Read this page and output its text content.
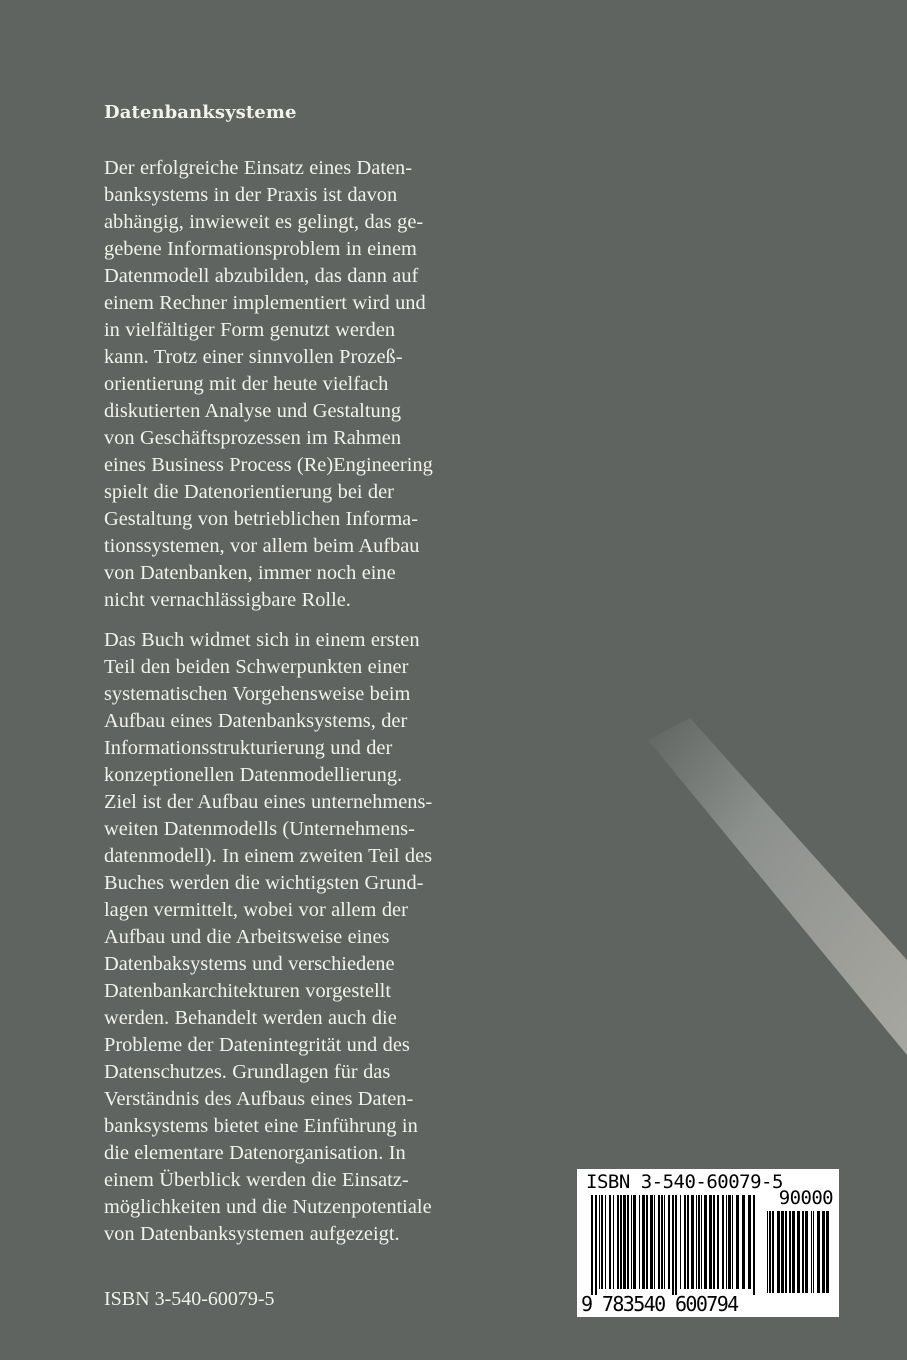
Datenbanksysteme

Der erfolgreiche Einsatz eines Daten-
banksystems in der Praxis ist davon
abhängig, inwieweit es gelingt, das ge-
gebene Informationsproblem in einem
Datenmodell abzubilden, das dann auf
einem Rechner implementiert wird und
in vielfältiger Form genutzt werden
kann. Trotz einer sinnvollen Prozeß-
orientierung mit der heute vielfach
diskutierten Analyse und Gestaltung
von Geschäftsprozessen im Rahmen
eines Business Process (Re)Engineering
spielt die Datenorientierung bei der
Gestaltung von betrieblichen Informa-
tionssystemen, vor allem beim Aufbau
von Datenbanken, immer noch eine
nicht vernachlässigbare Rolle.

Das Buch widmet sich in einem ersten
Teil den beiden Schwerpunkten einer
systematischen Vorgehensweise beim
Aufbau eines Datenbanksystems, der
Informationsstrukturierung und der
konzeptionellen Datenmodellierung.
Ziel ist der Aufbau eines unternehmens-
weiten Datenmodells (Unternehmens-
datenmodell). In einem zweiten Teil des
Buches werden die wichtigsten Grund-
lagen vermittelt, wobei vor allem der
Aufbau und die Arbeitsweise eines
Datenbaksystems und verschiedene
Datenbankarchitekturen vorgestellt
werden. Behandelt werden auch die
Probleme der Datenintegrität und des
Datenschutzes. Grundlagen für das
Verständnis des Aufbaus eines Daten-
banksystems bietet eine Einführung in
die elementare Datenorganisation. In
einem Überblick werden die Einsatz-
möglichkeiten und die Nutzenpotentiale
von Datenbanksystemen aufgezeigt.

ISBN 3-540-60079-5
ISBN 3-540-60079-5
90000
9 783540 600794
